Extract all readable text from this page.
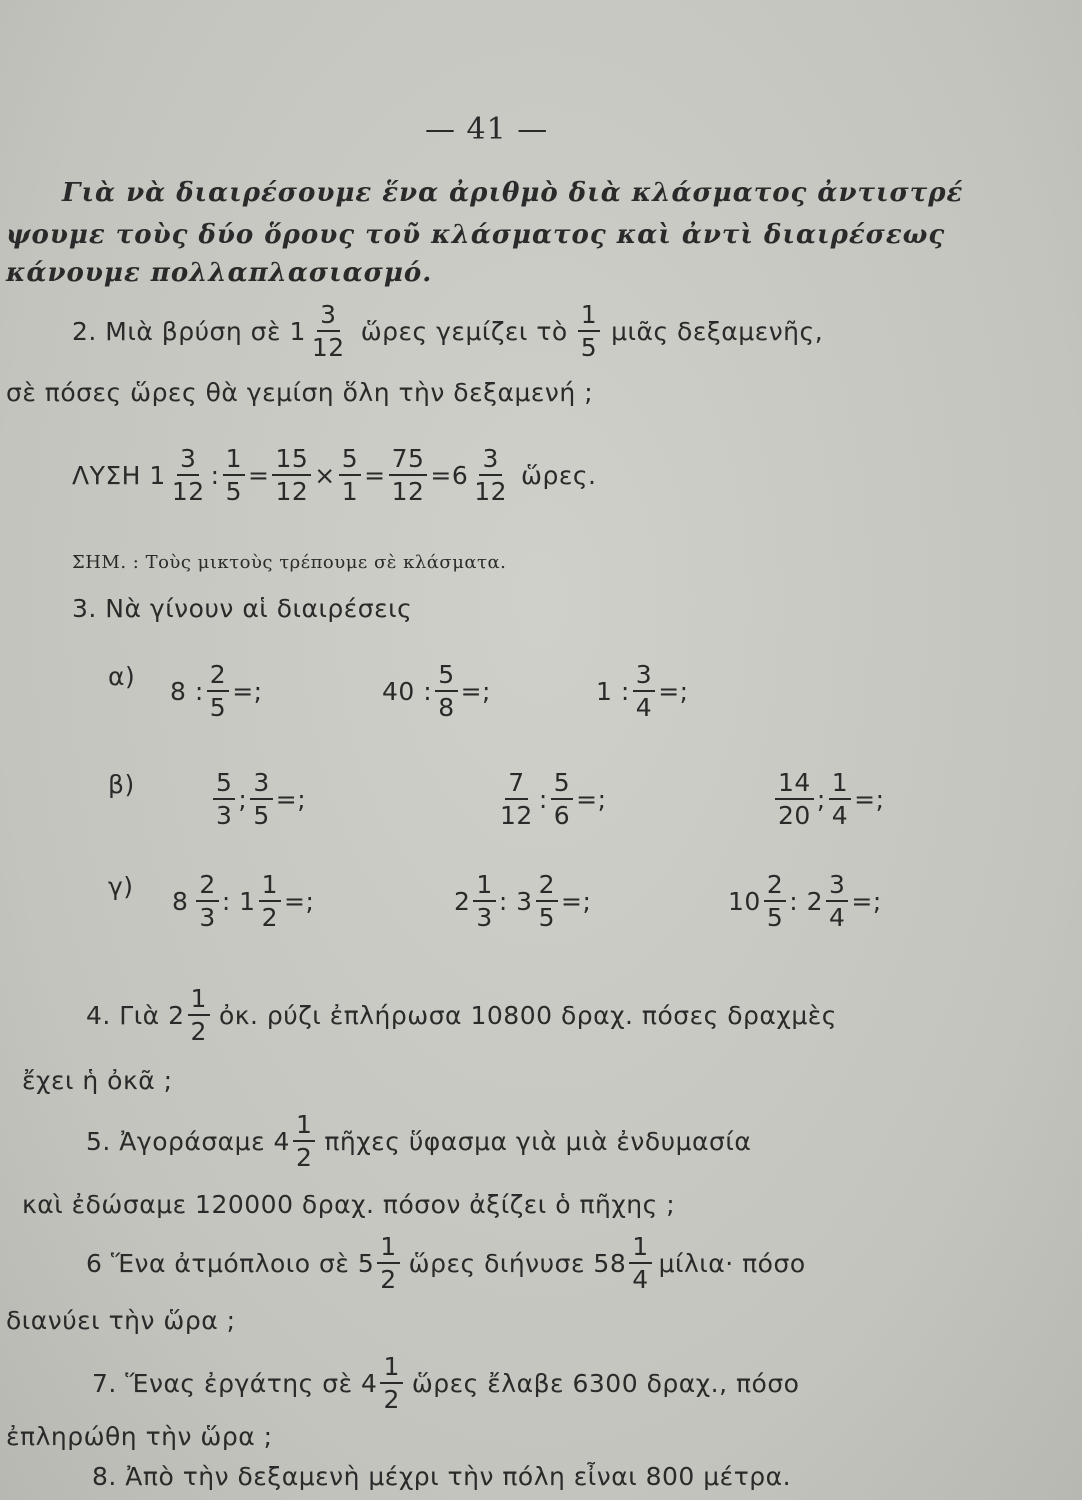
— 41 —
Γιὰ νὰ διαιρέσουμε ἕνα ἀριθμὸ διὰ κλάσματος ἀντιστρέ
ψουμε τοὺς δύο ὅρους τοῦ κλάσματος καὶ ἀντὶ διαιρέσεως
κάνουμε πολλαπλασιασμό.
2. Μιὰ βρύση σὲ $1 \frac{3}{12}$ ὥρες γεμίζει τὸ $\frac{1}{5}$ μιᾶς δεξαμενῆς,
σὲ πόσες ὥρες θὰ γεμίση ὅλη τὴν δεξαμενή ;
ΛΥΣΗ $1 \frac{3}{12}$ : $\frac{1}{5} = \frac{15}{12} \times \frac{5}{1} = \frac{75}{12} =6 \frac{3}{12}$ ὥρες.
ΣΗΜ. : Τοὺς μικτοὺς τρέπουμε σὲ κλάσματα.
3. Νὰ γίνουν αἱ διαιρέσεις
α) 8 : $\frac{2}{5}$ =;	40 : $\frac{5}{8}$ =;	1 : $\frac{3}{4}$ =;
β)	$\frac{5}{3}$ ; $\frac{3}{5}$ =;	$\frac{7}{12}$ : $\frac{5}{6}$ =;	$\frac{14}{20}$ ; $\frac{1}{4}$ =;
γ) $8 \frac{2}{3}$ : $1 \frac{1}{2}$ =;	$2 \frac{1}{3}$ : $3 \frac{2}{5}$ =;	$10 \frac{2}{5}$ : $2 \frac{3}{4}$ =;
4. Γιὰ $2 \frac{1}{2}$ ὀκ. ρύζι ἐπλήρωσα 10800 δραχ. πόσες δραχμὲς
ἔχει ἡ ὀκᾶ ;
5. Ἀγοράσαμε $4 \frac{1}{2}$ πῆχες ὕφασμα γιὰ μιὰ ἐνδυμασία
καὶ ἐδώσαμε 120000 δραχ. πόσον ἀξίζει ὁ πῆχης ;
6 Ἕνα ἀτμόπλοιο σὲ $5 \frac{1}{2}$ ὥρες διήνυσε $58 \frac{1}{4} \mu ί\lambda\iota\alpha\cdot \pi ό\sigma o$
διανύει τὴν ὥρα ;
7. Ἕνας ἐργάτης σὲ $4 \frac{1}{2}$ ὥρες ἔλαβε 6300 δραχ., πόσο
ἐπληρώθη τὴν ὥρα ;
8. Ἀπὸ τὴν δεξαμενὴ μέχρι τὴν πόλη εἶναι 800 μέτρα.
